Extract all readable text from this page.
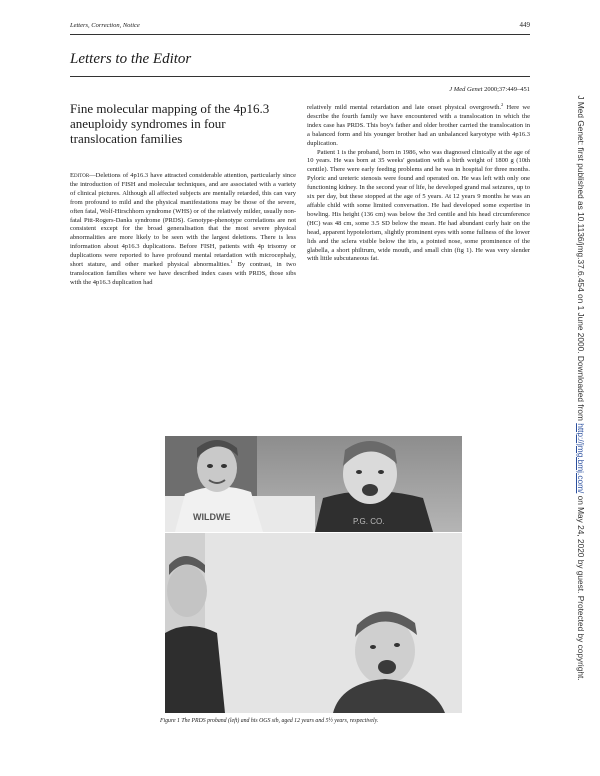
Letters, Correction, Notice	449
Letters to the Editor
J Med Genet 2000;37:449–451
Fine molecular mapping of the 4p16.3 aneuploidy syndromes in four translocation families

Editor—Deletions of 4p16.3 have attracted considerable attention, particularly since the introduction of FISH and molecular techniques, and are associated with a variety of clinical pictures. Although all affected subjects are mentally retarded, this can vary from profound to mild and the physical manifestations may be those of the severe, often fatal, Wolf-Hirschhorn syndrome (WHS) or of the relatively milder, usually non-fatal Pitt-Rogers-Danks syndrome (PRDS). Genotype-phenotype correlations are not consistent except for the broad generalisation that the most severe physical abnormalities are more likely to be seen with the largest deletions. There is less information about 4p16.3 duplications. Before FISH, patients with 4p trisomy or duplications were reported to have profound mental retardation with microcephaly, short stature, and other marked physical abnormalities.$^1$ By contrast, in two translocation families where we have described index cases with PRDS, those sibs with the 4p16.3 duplication had

relatively mild mental retardation and late onset physical overgrowth.$^2$ Here we describe the fourth family we have encountered with a translocation in which the index case has PRDS. This boy's father and older brother carried the translocation in a balanced form and his younger brother had an unbalanced karyotype with 4p16.3 duplication.

Patient 1 is the proband, born in 1986, who was diagnosed clinically at the age of 10 years. He was born at 35 weeks' gestation with a birth weight of 1800 g (10th centile). There were early feeding problems and he was in hospital for three months. Pyloric and ureteric stenosis were found and operated on. He was left with only one functioning kidney. In the second year of life, he developed grand mal seizures, up to six per day, but these stopped at the age of 5 years. At 12 years 9 months he was an affable child with some limited conversation. He had developed some expertise in bowling. His height (136 cm) was below the 3rd centile and his head circumference (HC) was 48 cm, some 3.5 SD below the mean. He had abundant curly hair on the head, apparent hypotelorism, slightly prominent eyes with some fullness of the lower lids and the sclera visible below the iris, a pointed nose, some prominence of the glabella, a short philtrum, wide mouth, and small chin (fig 1). He was very slender with little subcutaneous fat.

WILDWE	P.G. CO.
Figure 1 The PRDS proband (left) and his OGS sib, aged 12 years and 5½ years, respectively.
J Med Genet: first published as 10.1136/jmg.37.6.454 on 1 June 2000. Downloaded from http://jmg.bmj.com/ on May 24, 2020 by guest. Protected by copyright.
